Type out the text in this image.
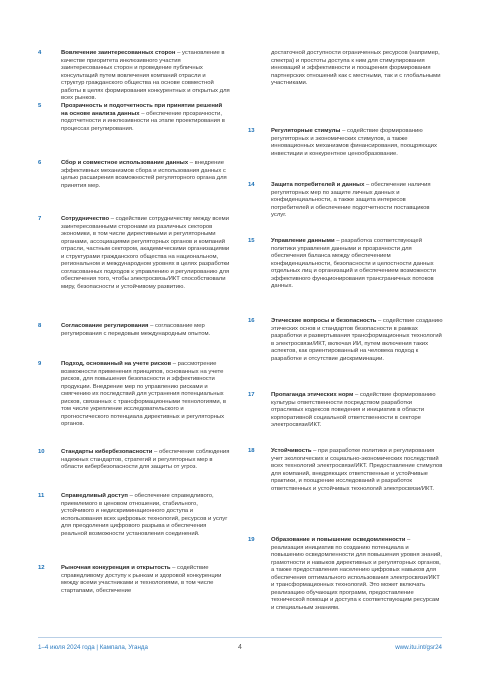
4	Вовлечение заинтересованных сторон – установление в качестве приоритета инклюзивного участия заинтересованных сторон и проведение публичных консультаций путем вовлечения компаний отрасли и структур гражданского общества на основе совместной работы в целях формирования конкурентных и открытых для всех рынков.
5	Прозрачность и подотчетность при принятии решений на основе анализа данных – обеспечение прозрачности, подотчетности и инклюзивности на этапе проектирования в процессах регулирования.
6	Сбор и совместное использование данных – внедрение эффективных механизмов сбора и использования данных с целью расширения возможностей регуляторного органа для принятия мер.
7	Сотрудничество – содействие сотрудничеству между всеми заинтересованными сторонами из различных секторов экономики, в том числе директивными и регуляторными органами, ассоциациями регуляторных органов и компаний отрасли, частным сектором, академическими организациями и структурами гражданского общества на национальном, региональном и международном уровнях в целях разработки согласованных подходов к управлению и регулированию для обеспечения того, чтобы электросвязь/ИКТ способствовали миру, безопасности и устойчивому развитию.
8	Согласование регулирования – согласование мер регулирования с передовым международным опытом.
9	Подход, основанный на учете рисков – рассмотрение возможности применения принципов, основанных на учете рисков, для повышения безопасности и эффективности продукции. Внедрение мер по управлению рисками и смягчению их последствий для устранения потенциальных рисков, связанных с трансформационными технологиями, в том числе укрепление исследовательского и прогностического потенциала директивных и регуляторных органов.
10	Стандарты кибербезопасности – обеспечение соблюдения надежных стандартов, стратегий и регуляторных мер в области кибербезопасности для защиты от угроз.
11	Справедливый доступ – обеспечение справедливого, приемлемого в ценовом отношении, стабильного, устойчивого и недискриминационного доступа и использования всех цифровых технологий, ресурсов и услуг для преодоления цифрового разрыва и обеспечения реальной возможности установления соединений.
12	Рыночная конкуренция и открытость – содействие справедливому доступу к рынкам и здоровой конкуренции между всеми участниками и технологиями, в том числе стартапами, обеспечение
достаточной доступности ограниченных ресурсов (например, спектра) и простоты доступа к ним для стимулирования инноваций и эффективности и поощрения формирования партнерских отношений как с местными, так и с глобальными участниками.
13	Регуляторные стимулы – содействие формированию регуляторных и экономических стимулов, а также инновационных механизмов финансирования, поощряющих инвестиции и конкурентное ценообразование.
14	Защита потребителей и данных – обеспечение наличия регуляторных мер по защите личных данных и конфиденциальности, а также защита интересов потребителей и обеспечение подотчетности поставщиков услуг.
15	Управление данными – разработка соответствующей политики управления данными и прозрачности для обеспечения баланса между обеспечением конфиденциальности, безопасности и целостности данных отдельных лиц и организаций и обеспечением возможности эффективного функционирования трансграничных потоков данных.
16	Этические вопросы и безопасность – содействие созданию этических основ и стандартов безопасности в рамках разработки и развертывания трансформационных технологий в электросвязи/ИКТ, включая ИИ, путем включения таких аспектов, как ориентированный на человека подход к разработке и отсутствие дискриминации.
17	Пропаганда этических норм – содействие формированию культуры ответственности посредством разработки отраслевых кодексов поведения и инициатив в области корпоративной социальной ответственности в секторе электросвязи/ИКТ.
18	Устойчивость – при разработке политики и регулирования учет экологических и социально-экономических последствий всех технологий электросвязи/ИКТ. Предоставление стимулов для компаний, внедряющих ответственные и устойчивые практики, и поощрение исследований и разработок ответственных и устойчивых технологий электросвязи/ИКТ.
19	Образование и повышение осведомленности – реализация инициатив по созданию потенциала и повышению осведомленности для повышения уровня знаний, грамотности и навыков директивных и регуляторных органов, а также предоставления населению цифровых навыков для обеспечения оптимального использования электросвязи/ИКТ и трансформационных технологий. Это может включать реализацию обучающих программ, предоставление технической помощи и доступа к соответствующим ресурсам и специальным знаниям.
1–4 июля 2024 года | Кампала, Уганда	4	www.itu.int/gsr24
